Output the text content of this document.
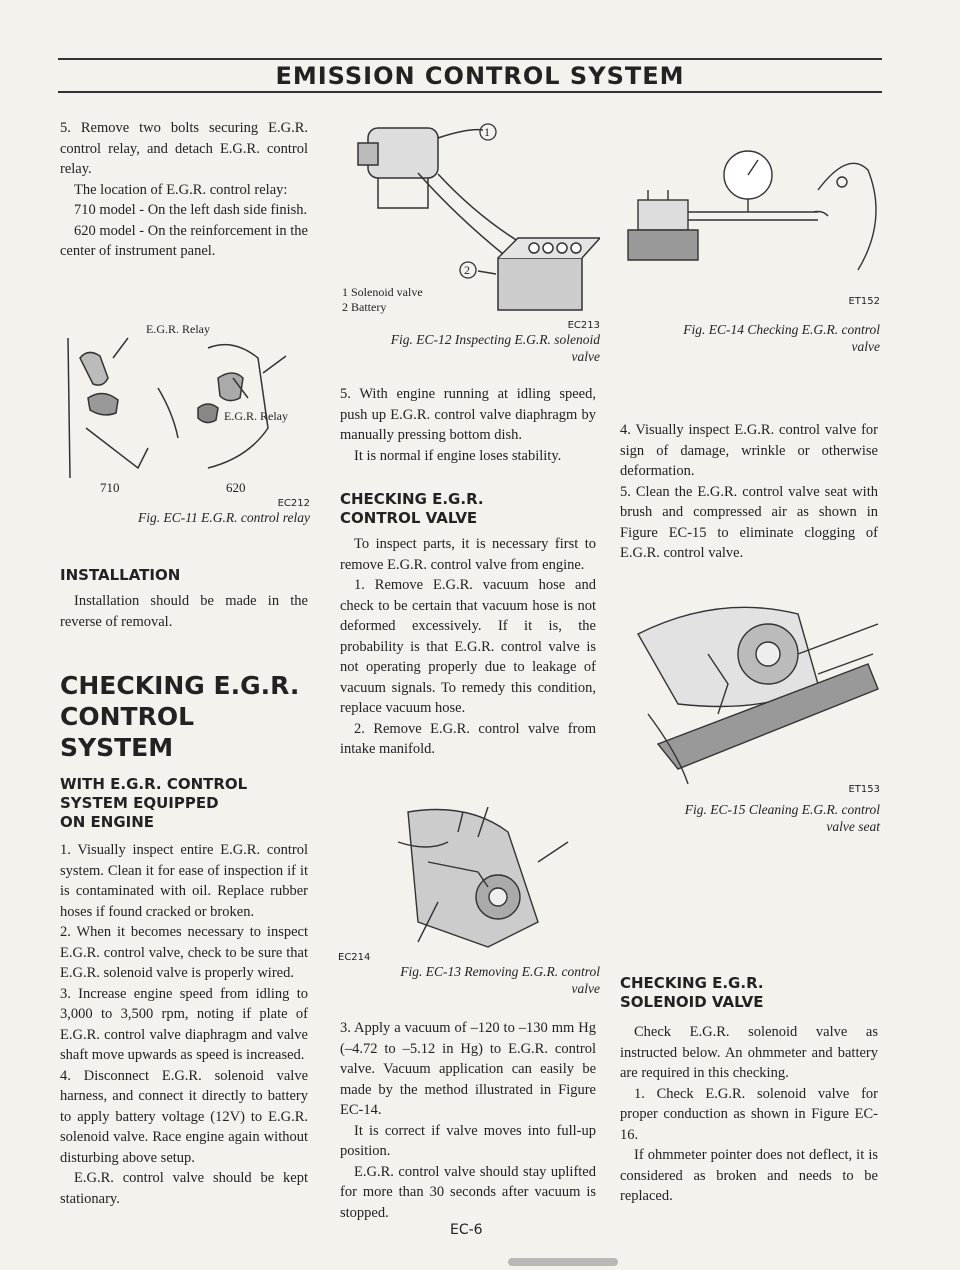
EMISSION CONTROL SYSTEM

5. Remove two bolts securing E.G.R. control relay, and detach E.G.R. control relay.

The location of E.G.R. control relay:

710 model - On the left dash side finish.

620 model - On the reinforcement in the center of instrument panel.

E.G.R. Relay
E.G.R. Relay
710	620
EC212

Fig. EC-11 E.G.R. control relay

INSTALLATION

Installation should be made in the reverse of removal.

CHECKING E.G.R.

CONTROL SYSTEM

WITH E.G.R. CONTROL

SYSTEM EQUIPPED

ON ENGINE

1. Visually inspect entire E.G.R. control system. Clean it for ease of inspection if it is contaminated with oil. Replace rubber hoses if found cracked or broken.

2. When it becomes necessary to inspect E.G.R. control valve, check to be sure that E.G.R. solenoid valve is properly wired.

3. Increase engine speed from idling to 3,000 to 3,500 rpm, noting if plate of E.G.R. control valve diaphragm and valve shaft move upwards as speed is increased.

4. Disconnect E.G.R. solenoid valve harness, and connect it directly to battery to apply battery voltage (12V) to E.G.R. solenoid valve. Race engine again without disturbing above setup.

E.G.R. control valve should be kept stationary.

1
2
1 Solenoid valve
2 Battery
EC213

Fig. EC-12 Inspecting E.G.R. solenoid

valve

5. With engine running at idling speed, push up E.G.R. control valve diaphragm by manually pressing bottom dish.

It is normal if engine loses stability.

CHECKING E.G.R.

CONTROL VALVE

To inspect parts, it is necessary first to remove E.G.R. control valve from engine.

1. Remove E.G.R. vacuum hose and check to be certain that vacuum hose is not deformed excessively. If it is, the probability is that E.G.R. control valve is not operating properly due to leakage of vacuum signals. To remedy this condition, replace vacuum hose.

2. Remove E.G.R. control valve from intake manifold.

EC214

Fig. EC-13 Removing E.G.R. control

valve

3. Apply a vacuum of –120 to –130 mm Hg (–4.72 to –5.12 in Hg) to E.G.R. control valve. Vacuum application can easily be made by the method illustrated in Figure EC-14.

It is correct if valve moves into full-up position.

E.G.R. control valve should stay uplifted for more than 30 seconds after vacuum is stopped.

ET152

Fig. EC-14 Checking E.G.R. control

valve

4. Visually inspect E.G.R. control valve for sign of damage, wrinkle or otherwise deformation.

5. Clean the E.G.R. control valve seat with brush and compressed air as shown in Figure EC-15 to eliminate clogging of E.G.R. control valve.

ET153

Fig. EC-15 Cleaning E.G.R. control

valve seat

CHECKING E.G.R.

SOLENOID VALVE

Check E.G.R. solenoid valve as instructed below. An ohmmeter and battery are required in this checking.

1. Check E.G.R. solenoid valve for proper conduction as shown in Figure EC-16.

If ohmmeter pointer does not deflect, it is considered as broken and needs to be replaced.

EC-6
